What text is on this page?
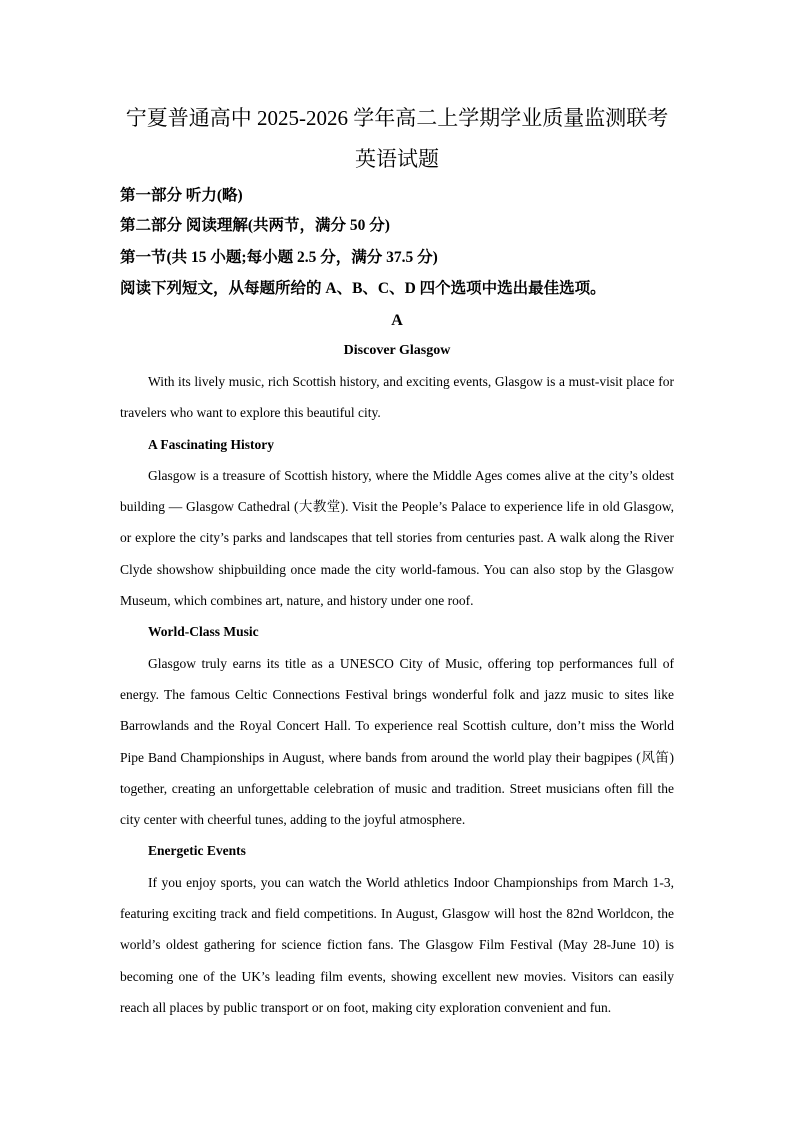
宁夏普通高中 2025-2026 学年高二上学期学业质量监测联考
英语试题
第一部分 听力(略)
第二部分 阅读理解(共两节，满分 50 分)
第一节(共 15 小题;每小题 2.5 分，满分 37.5 分)
阅读下列短文，从每题所给的 A、B、C、D 四个选项中选出最佳选项。
A
Discover Glasgow

With its lively music, rich Scottish history, and exciting events, Glasgow is a must-visit place for travelers who want to explore this beautiful city.

A Fascinating History

Glasgow is a treasure of Scottish history, where the Middle Ages comes alive at the city’s oldest building — Glasgow Cathedral (大教堂). Visit the People’s Palace to experience life in old Glasgow, or explore the city’s parks and landscapes that tell stories from centuries past. A walk along the River Clyde showshow shipbuilding once made the city world-famous. You can also stop by the Glasgow Museum, which combines art, nature, and history under one roof.

World-Class Music

Glasgow truly earns its title as a UNESCO City of Music, offering top performances full of energy. The famous Celtic Connections Festival brings wonderful folk and jazz music to sites like Barrowlands and the Royal Concert Hall. To experience real Scottish culture, don’t miss the World Pipe Band Championships in August, where bands from around the world play their bagpipes (风笛) together, creating an unforgettable celebration of music and tradition. Street musicians often fill the city center with cheerful tunes, adding to the joyful atmosphere.

Energetic Events

If you enjoy sports, you can watch the World athletics Indoor Championships from March 1-3, featuring exciting track and field competitions. In August, Glasgow will host the 82nd Worldcon, the world’s oldest gathering for science fiction fans. The Glasgow Film Festival (May 28-June 10) is becoming one of the UK’s leading film events, showing excellent new movies. Visitors can easily reach all places by public transport or on foot, making city exploration convenient and fun.
